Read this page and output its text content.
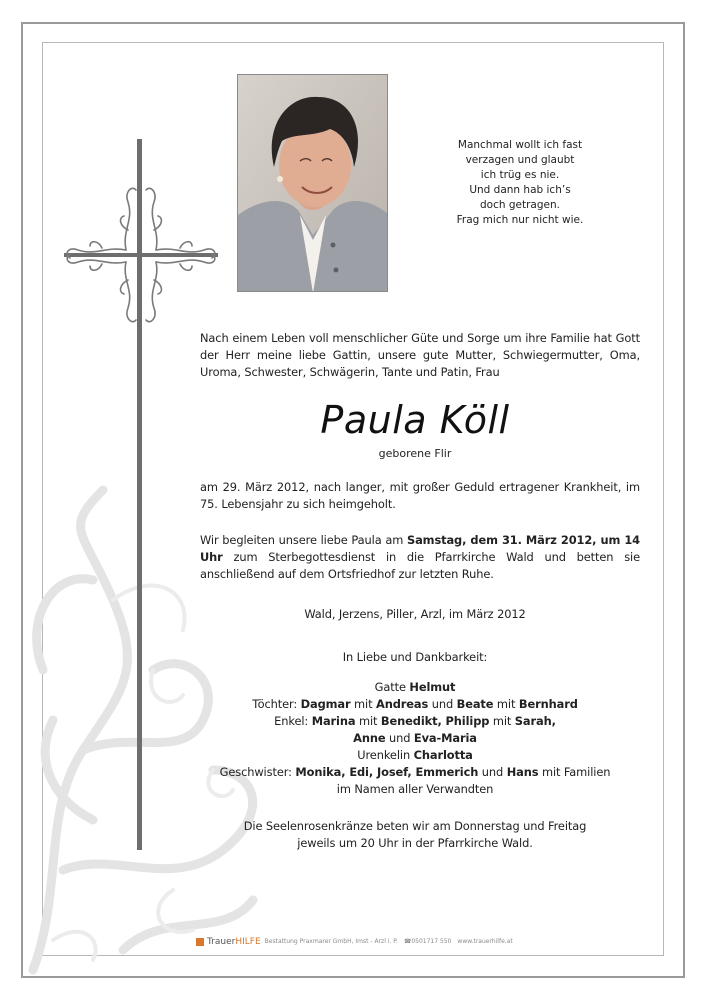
Manchmal wollt ich fast
verzagen und glaubt
ich trüg es nie.
Und dann hab ich’s
doch getragen.
Frag mich nur nicht wie.
Nach einem Leben voll menschlicher Güte und Sorge um ihre Familie hat Gott der Herr meine liebe Gattin, unsere gute Mutter, Schwiegermutter, Oma, Uroma, Schwester, Schwägerin, Tante und Patin, Frau
Paula Köll
geborene Flir
am 29. März 2012, nach langer, mit großer Geduld ertragener Krankheit, im 75. Lebensjahr zu sich heimgeholt.
Wir begleiten unsere liebe Paula am Samstag, dem 31. März 2012, um 14 Uhr zum Sterbegottesdienst in die Pfarrkirche Wald und betten sie anschließend auf dem Ortsfriedhof zur letzten Ruhe.
Wald, Jerzens, Piller, Arzl, im März 2012
In Liebe und Dankbarkeit:
Gatte Helmut
Töchter: Dagmar mit Andreas und Beate mit Bernhard
Enkel: Marina mit Benedikt, Philipp mit Sarah,
Anne und Eva-Maria
Urenkelin Charlotta
Geschwister: Monika, Edi, Josef, Emmerich und Hans mit Familien
im Namen aller Verwandten
Die Seelenrosenkränze beten wir am Donnerstag und Freitag
jeweils um 20 Uhr in der Pfarrkirche Wald.
TrauerHILFE Bestattung Praxmarer GmbH, Imst - Arzl i. P. ☎0501717 550 www.trauerhilfe.at
